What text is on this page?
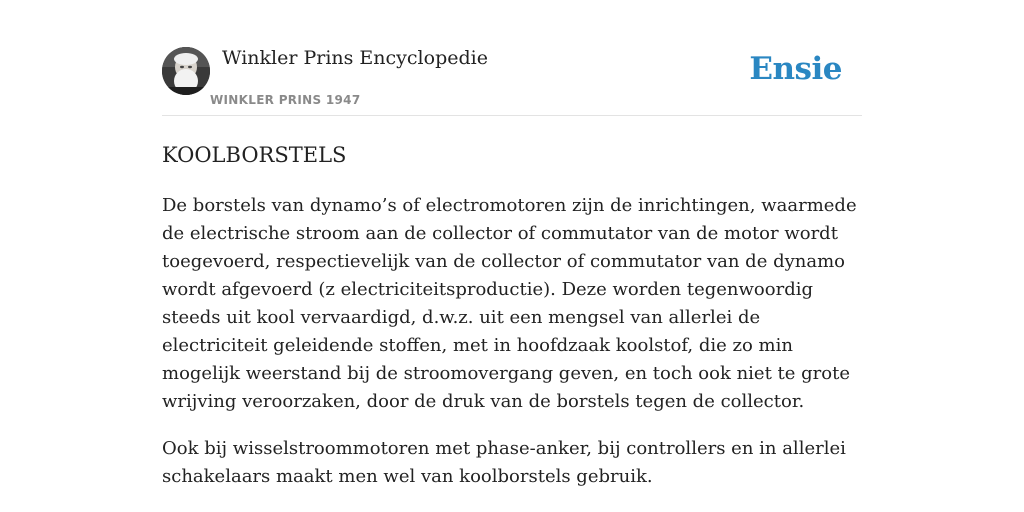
Winkler Prins Encyclopedie
WINKLER PRINS 1947
Ensie
KOOLBORSTELS

De borstels van dynamo’s of electromotoren zijn de inrichtingen, waarmede de electrische stroom aan de collector of commutator van de motor wordt toegevoerd, respectievelijk van de collector of commutator van de dynamo wordt afgevoerd (z electriciteitsproductie). Deze worden tegenwoordig steeds uit kool vervaardigd, d.w.z. uit een mengsel van allerlei de electriciteit geleidende stoffen, met in hoofdzaak koolstof, die zo min mogelijk weerstand bij de stroomovergang geven, en toch ook niet te grote wrijving veroorzaken, door de druk van de borstels tegen de collector.

Ook bij wisselstroommotoren met phase-anker, bij controllers en in allerlei schakelaars maakt men wel van koolborstels gebruik.
